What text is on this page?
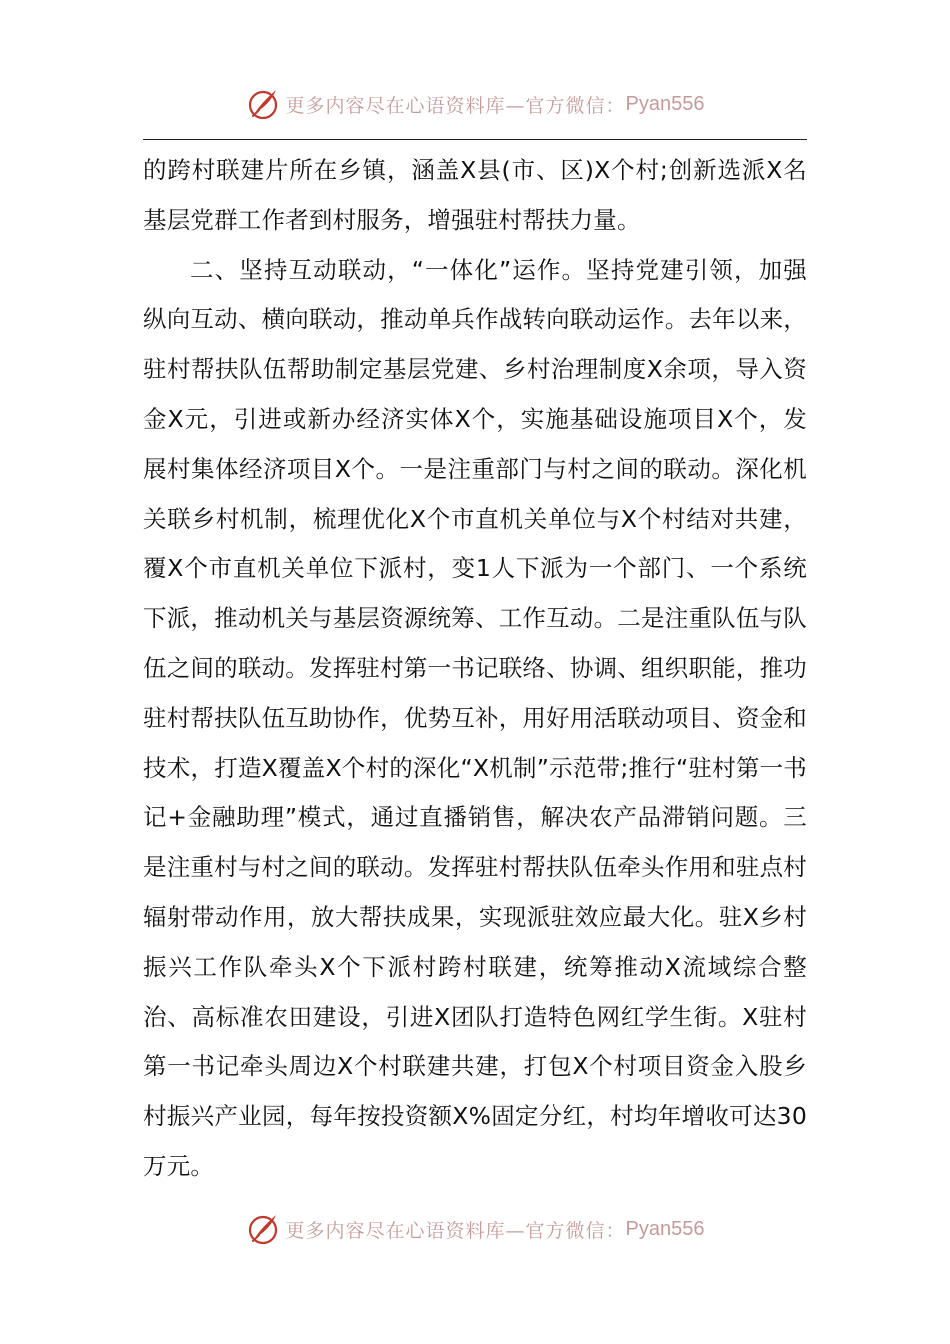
更多内容尽在心语资料库—官方微信： Pyan556

的跨村联建片所在乡镇，涵盖X县(市、区)X个村;创新选派X名基层党群工作者到村服务，增强驻村帮扶力量。

二、坚持互动联动，“一体化”运作。坚持党建引领，加强纵向互动、横向联动，推动单兵作战转向联动运作。去年以来，驻村帮扶队伍帮助制定基层党建、乡村治理制度X余项，导入资金X元，引进或新办经济实体X个，实施基础设施项目X个，发展村集体经济项目X个。一是注重部门与村之间的联动。深化机关联乡村机制，梳理优化X个市直机关单位与X个村结对共建，覆X个市直机关单位下派村，变1人下派为一个部门、一个系统下派，推动机关与基层资源统筹、工作互动。二是注重队伍与队伍之间的联动。发挥驻村第一书记联络、协调、组织职能，推功驻村帮扶队伍互助协作，优势互补，用好用活联动项目、资金和技术，打造X覆盖X个村的深化“X机制”示范带;推行“驻村第一书记+金融助理”模式，通过直播销售，解决农产品滞销问题。三是注重村与村之间的联动。发挥驻村帮扶队伍牵头作用和驻点村辐射带动作用，放大帮扶成果，实现派驻效应最大化。驻X乡村振兴工作队牵头X个下派村跨村联建，统筹推动X流域综合整治、高标准农田建设，引进X团队打造特色网红学生街。X驻村第一书记牵头周边X个村联建共建，打包X个村项目资金入股乡村振兴产业园，每年按投资额X%固定分红，村均年增收可达30万元。

更多内容尽在心语资料库—官方微信： Pyan556
